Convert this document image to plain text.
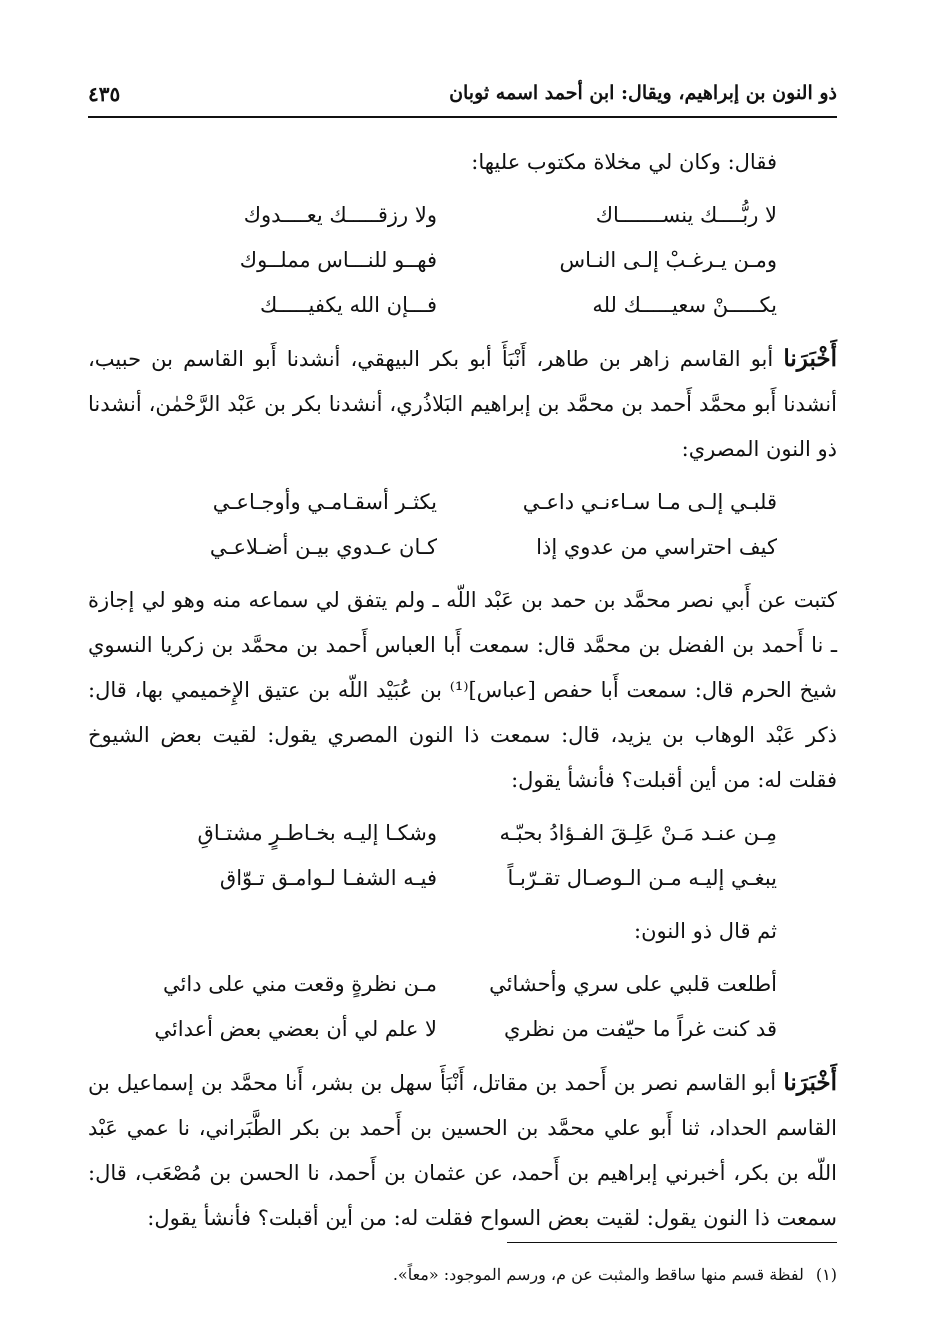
ذو النون بن إبراهيم، ويقال: ابن أحمد اسمه ثوبان
٤٣٥

فقال: وكان لي مخلاة مكتوب عليها:

لا ربُّــــك ينســـــــاك
ولا رزقـــــك يعــــدوك
ومـن يـرغـبْ إلـى النـاس
فهــو للنـــاس مملــوك
يكـــــنْ سعيـــــك لله
فـــإن الله يكفيـــــك

أَخْبَرَنا أبو القاسم زاهر بن طاهر، أَنْبَأَ أبو بكر البيهقي، أنشدنا أَبو القاسم بن حبيب، أنشدنا أَبو محمَّد أَحمد بن محمَّد بن إبراهيم البَلاذُري، أنشدنا بكر بن عَبْد الرَّحْمٰن، أنشدنا ذو النون المصري:

قلبـي إلـى مـا سـاءنـي داعـي
يكثـر أسقـامـي وأوجـاعـي
كيف احتراسي من عدوي إذا
كـان عـدوي بيـن أضـلاعـي

كتبت عن أَبي نصر محمَّد بن حمد بن عَبْد اللّه ـ ولم يتفق لي سماعه منه وهو لي إجازة ـ نا أَحمد بن الفضل بن محمَّد قال: سمعت أَبا العباس أَحمد بن محمَّد بن زكريا النسوي شيخ الحرم قال: سمعت أَبا حفص [عباس]⁽¹⁾ بن عُبَيْد اللّه بن عتيق الإِخميمي بها، قال: ذكر عَبْد الوهاب بن يزيد، قال: سمعت ذا النون المصري يقول: لقيت بعض الشيوخ فقلت له: من أين أقبلت؟ فأنشأ يقول:

مِـن عنـد مَـنْ عَلِـقَ الفـؤادُ بحبّـه
وشكـا إليـه بخـاطـرٍ مشتـاقِ
يبغـي إليـه مـن الـوصـال تقـرّبـاً
فيـه الشفـا لـوامـق تـوّاق

ثم قال ذو النون:

أطلعت قلبي على سري وأحشائي
مـن نظرةٍ وقعت مني على دائي
قد كنت غراً ما حيّفت من نظري
لا علم لي أن بعضي بعض أعدائي

أَخْبَرَنا أبو القاسم نصر بن أَحمد بن مقاتل، أَنْبَأَ سهل بن بشر، أَنا محمَّد بن إسماعيل بن القاسم الحداد، ثنا أَبو علي محمَّد بن الحسين بن أَحمد بن بكر الطَّبَراني، نا عمي عَبْد اللّه بن بكر، أخبرني إبراهيم بن أَحمد، عن عثمان بن أَحمد، نا الحسن بن مُصْعَب، قال: سمعت ذا النون يقول: لقيت بعض السواح فقلت له: من أين أقبلت؟ فأنشأ يقول:

(١)لفظة قسم منها ساقط والمثبت عن م، ورسم الموجود: «معاً».
